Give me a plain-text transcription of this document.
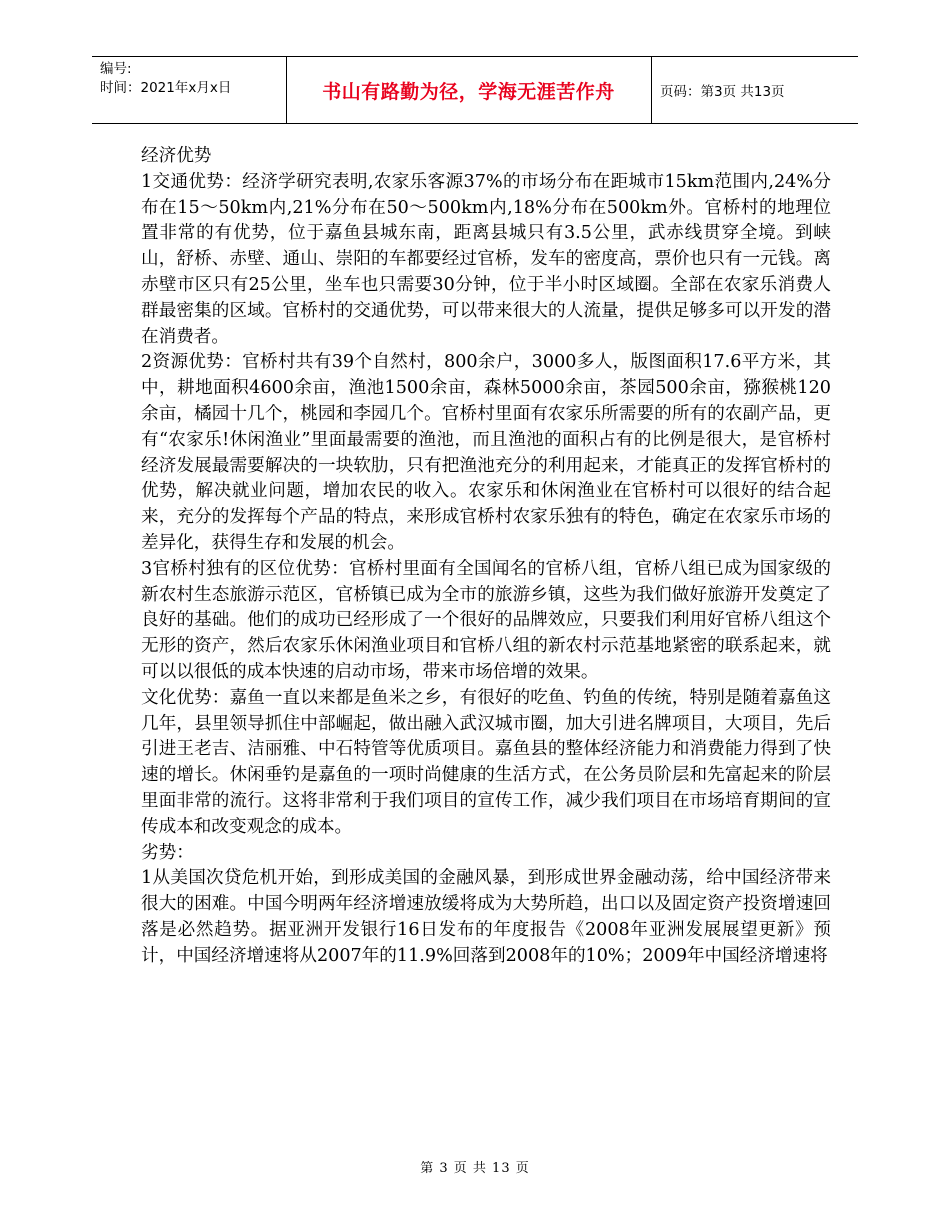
编号:
时间：2021年x月x日	书山有路勤为径，学海无涯苦作舟	页码：第3页 共13页

经济优势

1交通优势：经济学研究表明,农家乐客源37%的市场分布在距城市15km范围内,24%分布在15～50km内,21%分布在50～500km内,18%分布在500km外。官桥村的地理位置非常的有优势，位于嘉鱼县城东南，距离县城只有3.5公里，武赤线贯穿全境。到峡山，舒桥、赤壁、通山、崇阳的车都要经过官桥，发车的密度高，票价也只有一元钱。离赤壁市区只有25公里，坐车也只需要30分钟，位于半小时区域圈。全部在农家乐消费人群最密集的区域。官桥村的交通优势，可以带来很大的人流量，提供足够多可以开发的潜在消费者。

2资源优势：官桥村共有39个自然村，800余户，3000多人，版图面积17.6平方米，其中，耕地面积4600余亩，渔池1500余亩，森林5000余亩，茶园500余亩，猕猴桃120余亩，橘园十几个，桃园和李园几个。官桥村里面有农家乐所需要的所有的农副产品，更有“农家乐!休闲渔业”里面最需要的渔池，而且渔池的面积占有的比例是很大，是官桥村经济发展最需要解决的一块软肋，只有把渔池充分的利用起来，才能真正的发挥官桥村的优势，解决就业问题，增加农民的收入。农家乐和休闲渔业在官桥村可以很好的结合起来，充分的发挥每个产品的特点，来形成官桥村农家乐独有的特色，确定在农家乐市场的差异化，获得生存和发展的机会。

3官桥村独有的区位优势：官桥村里面有全国闻名的官桥八组，官桥八组已成为国家级的新农村生态旅游示范区，官桥镇已成为全市的旅游乡镇，这些为我们做好旅游开发奠定了良好的基础。他们的成功已经形成了一个很好的品牌效应，只要我们利用好官桥八组这个无形的资产，然后农家乐休闲渔业项目和官桥八组的新农村示范基地紧密的联系起来，就可以以很低的成本快速的启动市场，带来市场倍增的效果。

文化优势：嘉鱼一直以来都是鱼米之乡，有很好的吃鱼、钓鱼的传统，特别是随着嘉鱼这几年，县里领导抓住中部崛起，做出融入武汉城市圈，加大引进名牌项目，大项目，先后引进王老吉、洁丽雅、中石特管等优质项目。嘉鱼县的整体经济能力和消费能力得到了快速的增长。休闲垂钓是嘉鱼的一项时尚健康的生活方式，在公务员阶层和先富起来的阶层里面非常的流行。这将非常利于我们项目的宣传工作，减少我们项目在市场培育期间的宣传成本和改变观念的成本。

劣势：

1从美国次贷危机开始，到形成美国的金融风暴，到形成世界金融动荡，给中国经济带来很大的困难。中国今明两年经济增速放缓将成为大势所趋，出口以及固定资产投资增速回落是必然趋势。据亚洲开发银行16日发布的年度报告《2008年亚洲发展展望更新》预计，中国经济增速将从2007年的11.9%回落到2008年的10%；2009年中国经济增速将

第 3 页 共 13 页
